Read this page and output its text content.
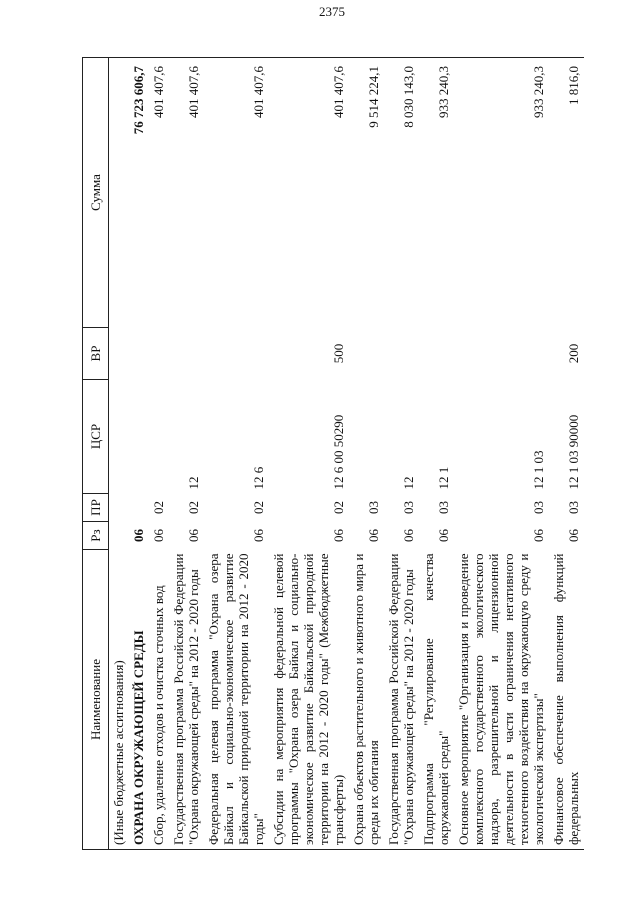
2375
Наименование	Рз	ПР	ЦСР	ВР	Сумма
(Иные бюджетные ассигнования)					
ОХРАНА ОКРУЖАЮЩЕЙ СРЕДЫ	06				76 723 606,7
Сбор, удаление отходов и очистка сточных вод	06	02			401 407,6
Государственная программа Российской Федерации "Охрана окружающей среды" на 2012 - 2020 годы	06	02	12		401 407,6
Федеральная целевая программа "Охрана озера Байкал и социально-экономическое развитие Байкальской природной территории на 2012 - 2020 годы"	06	02	12 6		401 407,6
Субсидии на мероприятия федеральной целевой программы "Охрана озера Байкал и социально-экономическое развитие Байкальской природной территории на 2012 - 2020 годы" (Межбюджетные трансферты)	06	02	12 6 00 50290	500	401 407,6
Охрана объектов растительного и животного мира и среды их обитания	06	03			9 514 224,1
Государственная программа Российской Федерации "Охрана окружающей среды" на 2012 - 2020 годы	06	03	12		8 030 143,0
Подпрограмма "Регулирование качества окружающей среды"	06	03	12 1		933 240,3
Основное мероприятие "Организация и проведение комплексного государственного экологического надзора, разрешительной и лицензионной деятельности в части ограничения негативного техногенного воздействия на окружающую среду и экологической экспертизы"	06	03	12 1 03		933 240,3
Финансовое обеспечение выполнения функций федеральных	06	03	12 1 03 90000	200	1 816,0
